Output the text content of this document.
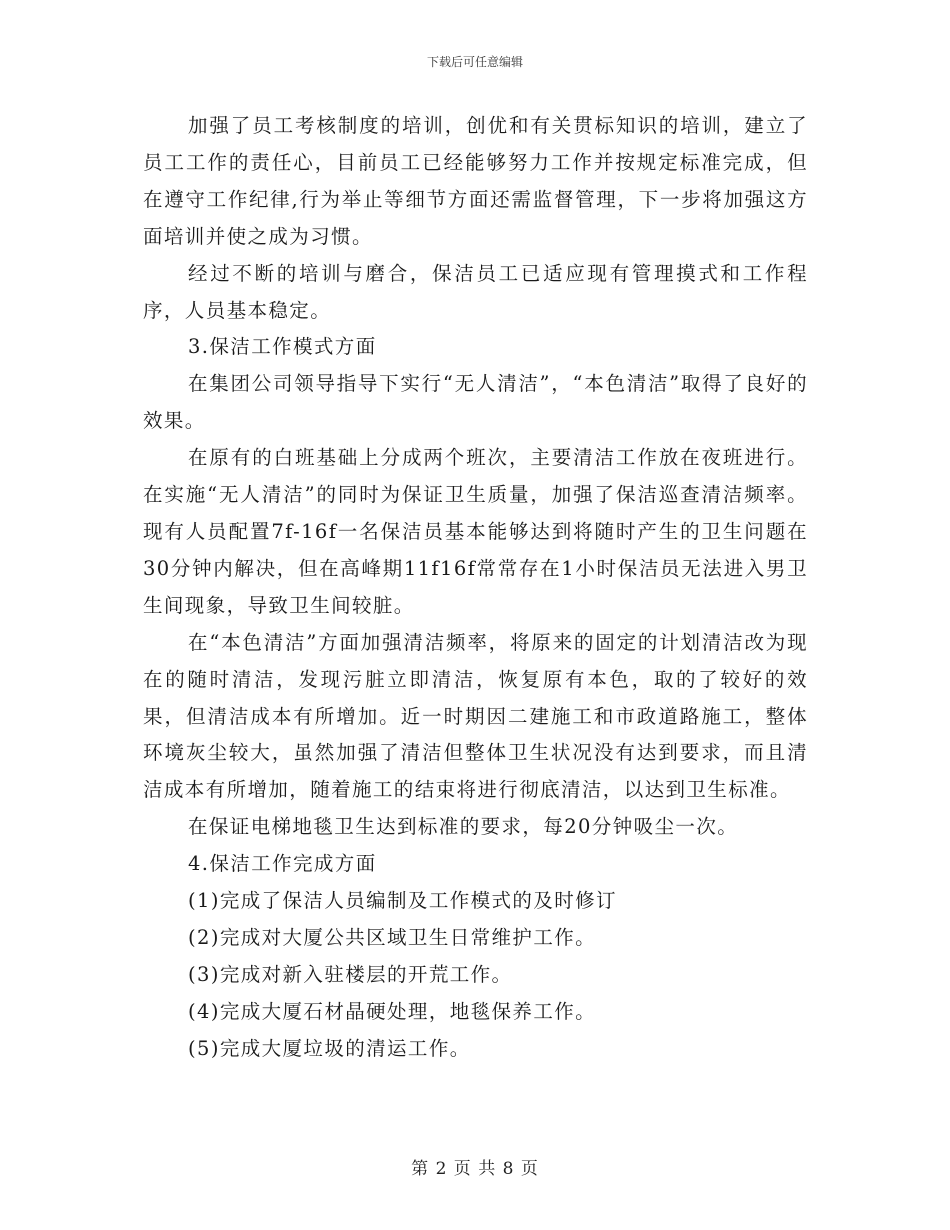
下载后可任意编辑

加强了员工考核制度的培训，创优和有关贯标知识的培训，建立了员工工作的责任心，目前员工已经能够努力工作并按规定标准完成，但在遵守工作纪律,行为举止等细节方面还需监督管理，下一步将加强这方面培训并使之成为习惯。

经过不断的培训与磨合，保洁员工已适应现有管理摸式和工作程序，人员基本稳定。

3.保洁工作模式方面

在集团公司领导指导下实行“无人清洁”，“本色清洁”取得了良好的效果。

在原有的白班基础上分成两个班次，主要清洁工作放在夜班进行。在实施“无人清洁”的同时为保证卫生质量，加强了保洁巡查清洁频率。现有人员配置7f-16f一名保洁员基本能够达到将随时产生的卫生问题在30分钟内解决，但在高峰期11f16f常常存在1小时保洁员无法进入男卫生间现象，导致卫生间较脏。

在“本色清洁”方面加强清洁频率，将原来的固定的计划清洁改为现在的随时清洁，发现污脏立即清洁，恢复原有本色，取的了较好的效果，但清洁成本有所增加。近一时期因二建施工和市政道路施工，整体环境灰尘较大，虽然加强了清洁但整体卫生状况没有达到要求，而且清洁成本有所增加，随着施工的结束将进行彻底清洁，以达到卫生标准。

在保证电梯地毯卫生达到标准的要求，每20分钟吸尘一次。

4.保洁工作完成方面

(1)完成了保洁人员编制及工作模式的及时修订

(2)完成对大厦公共区域卫生日常维护工作。

(3)完成对新入驻楼层的开荒工作。

(4)完成大厦石材晶硬处理，地毯保养工作。

(5)完成大厦垃圾的清运工作。

第 2 页 共 8 页
